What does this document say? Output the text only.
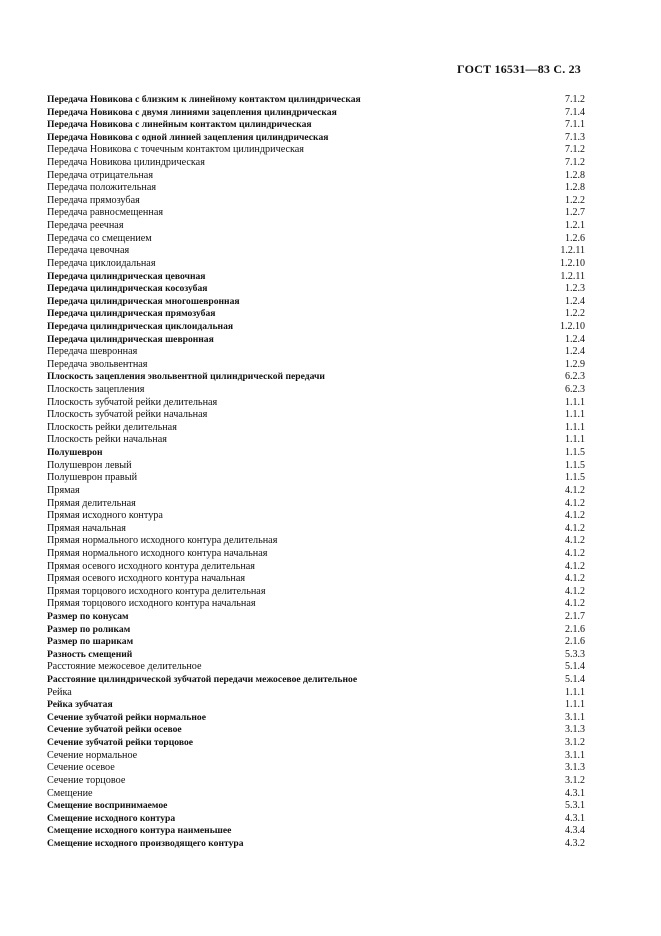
ГОСТ 16531—83 С. 23
Передача Новикова с близким к линейному контактом цилиндрическая	7.1.2
Передача Новикова с двумя линиями зацепления цилиндрическая	7.1.4
Передача Новикова с линейным контактом цилиндрическая	7.1.1
Передача Новикова с одной линией зацепления цилиндрическая	7.1.3
Передача Новикова с точечным контактом цилиндрическая	7.1.2
Передача Новикова цилиндрическая	7.1.2
Передача отрицательная	1.2.8
Передача положительная	1.2.8
Передача прямозубая	1.2.2
Передача равносмещенная	1.2.7
Передача реечная	1.2.1
Передача со смещением	1.2.6
Передача цевочная	1.2.11
Передача циклоидальная	1.2.10
Передача цилиндрическая цевочная	1.2.11
Передача цилиндрическая косозубая	1.2.3
Передача цилиндрическая многошевронная	1.2.4
Передача цилиндрическая прямозубая	1.2.2
Передача цилиндрическая циклоидальная	1.2.10
Передача цилиндрическая шевронная	1.2.4
Передача шевронная	1.2.4
Передача эвольвентная	1.2.9
Плоскость зацепления эвольвентной цилиндрической передачи	6.2.3
Плоскость зацепления	6.2.3
Плоскость зубчатой рейки делительная	1.1.1
Плоскость зубчатой рейки начальная	1.1.1
Плоскость рейки делительная	1.1.1
Плоскость рейки начальная	1.1.1
Полушеврон	1.1.5
Полушеврон левый	1.1.5
Полушеврон правый	1.1.5
Прямая	4.1.2
Прямая делительная	4.1.2
Прямая исходного контура	4.1.2
Прямая начальная	4.1.2
Прямая нормального исходного контура делительная	4.1.2
Прямая нормального исходного контура начальная	4.1.2
Прямая осевого исходного контура делительная	4.1.2
Прямая осевого исходного контура начальная	4.1.2
Прямая торцового исходного контура делительная	4.1.2
Прямая торцового исходного контура начальная	4.1.2
Размер по конусам	2.1.7
Размер по роликам	2.1.6
Размер по шарикам	2.1.6
Разность смещений	5.3.3
Расстояние межосевое делительное	5.1.4
Расстояние цилиндрической зубчатой передачи межосевое делительное	5.1.4
Рейка	1.1.1
Рейка зубчатая	1.1.1
Сечение зубчатой рейки нормальное	3.1.1
Сечение зубчатой рейки осевое	3.1.3
Сечение зубчатой рейки торцовое	3.1.2
Сечение нормальное	3.1.1
Сечение осевое	3.1.3
Сечение торцовое	3.1.2
Смещение	4.3.1
Смещение воспринимаемое	5.3.1
Смещение исходного контура	4.3.1
Смещение исходного контура наименьшее	4.3.4
Смещение исходного производящего контура	4.3.2
